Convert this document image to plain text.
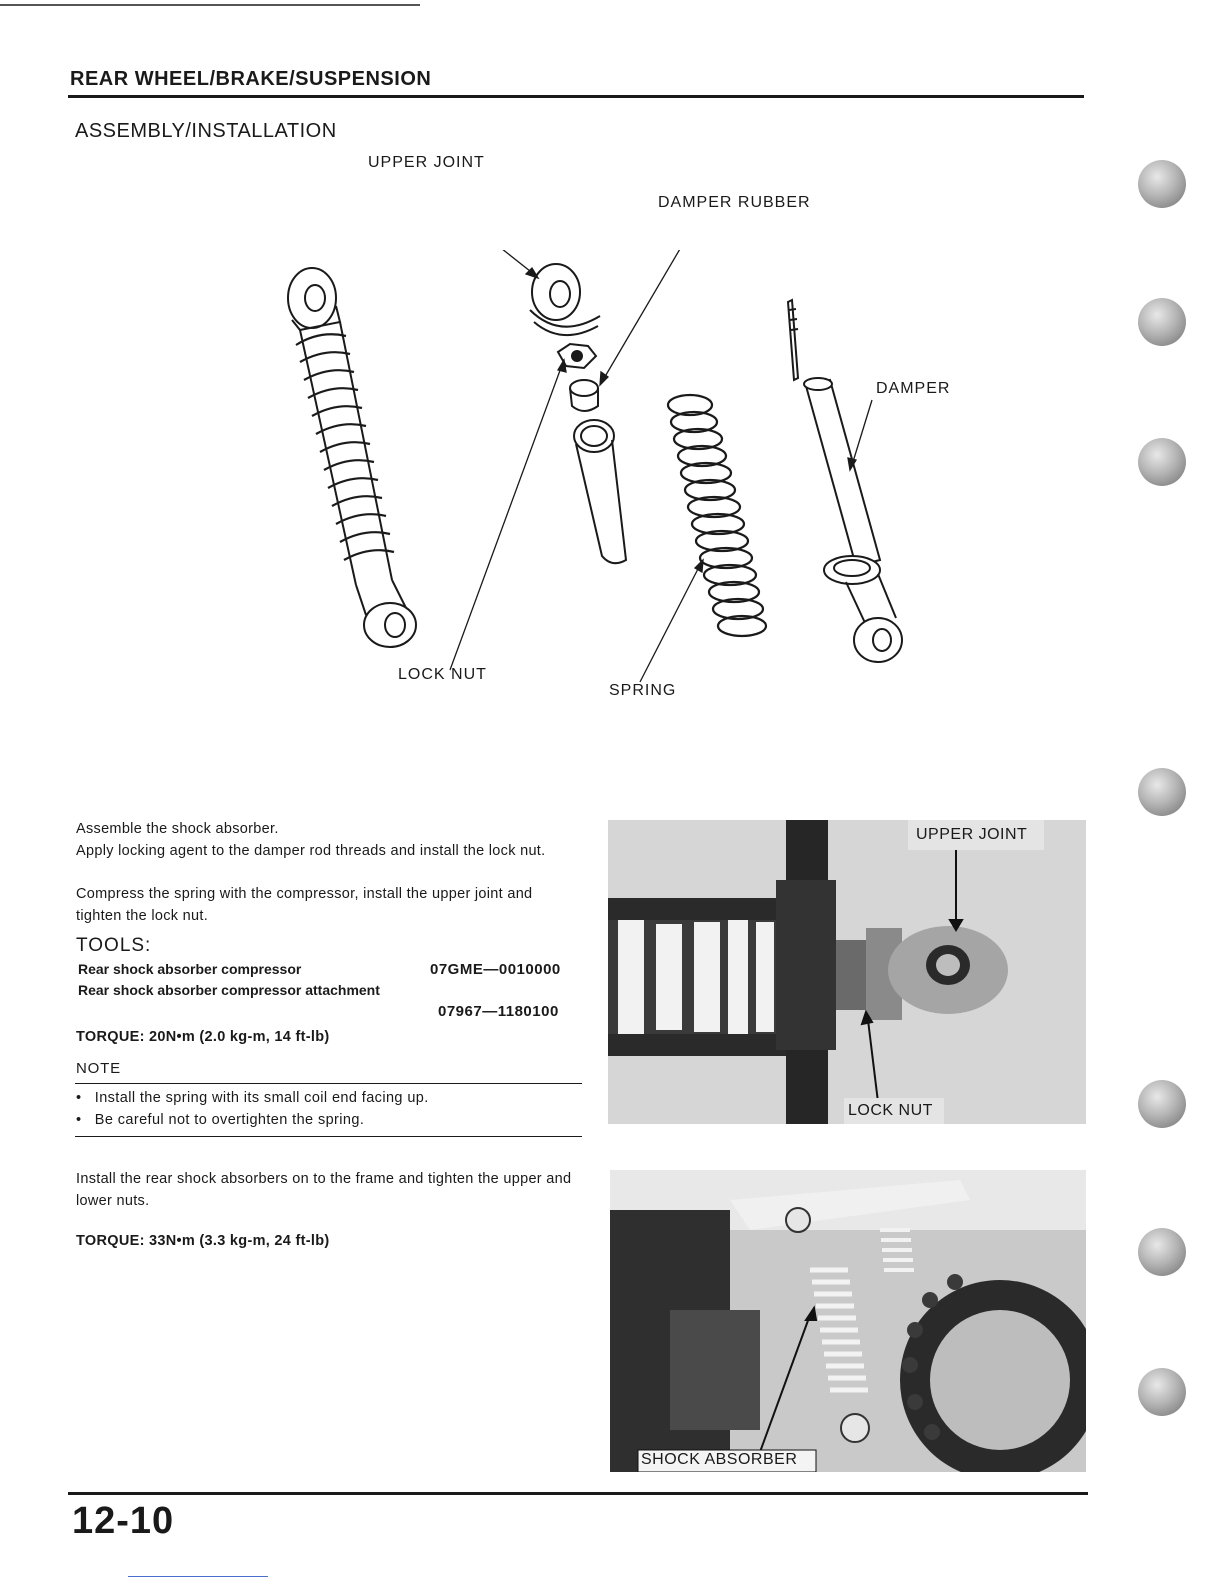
REAR WHEEL/BRAKE/SUSPENSION
ASSEMBLY/INSTALLATION
UPPER JOINT
DAMPER RUBBER
DAMPER
LOCK NUT
SPRING
Assemble the shock absorber.
Apply locking agent to the damper rod threads and install the lock nut.
Compress the spring with the compressor, install the upper joint and tighten the lock nut.
TOOLS:
Rear shock absorber compressor	07GME—0010000
Rear shock absorber compressor attachment
07967—1180100
TORQUE: 20N•m (2.0 kg-m, 14 ft-lb)
NOTE
•   Install the spring with its small coil end facing up.
•   Be careful not to overtighten the spring.
Install the rear shock absorbers on to the frame and tighten the upper and lower nuts.
TORQUE: 33N•m (3.3 kg-m, 24 ft-lb)
UPPER JOINT
LOCK NUT
SHOCK ABSORBER
12-10
